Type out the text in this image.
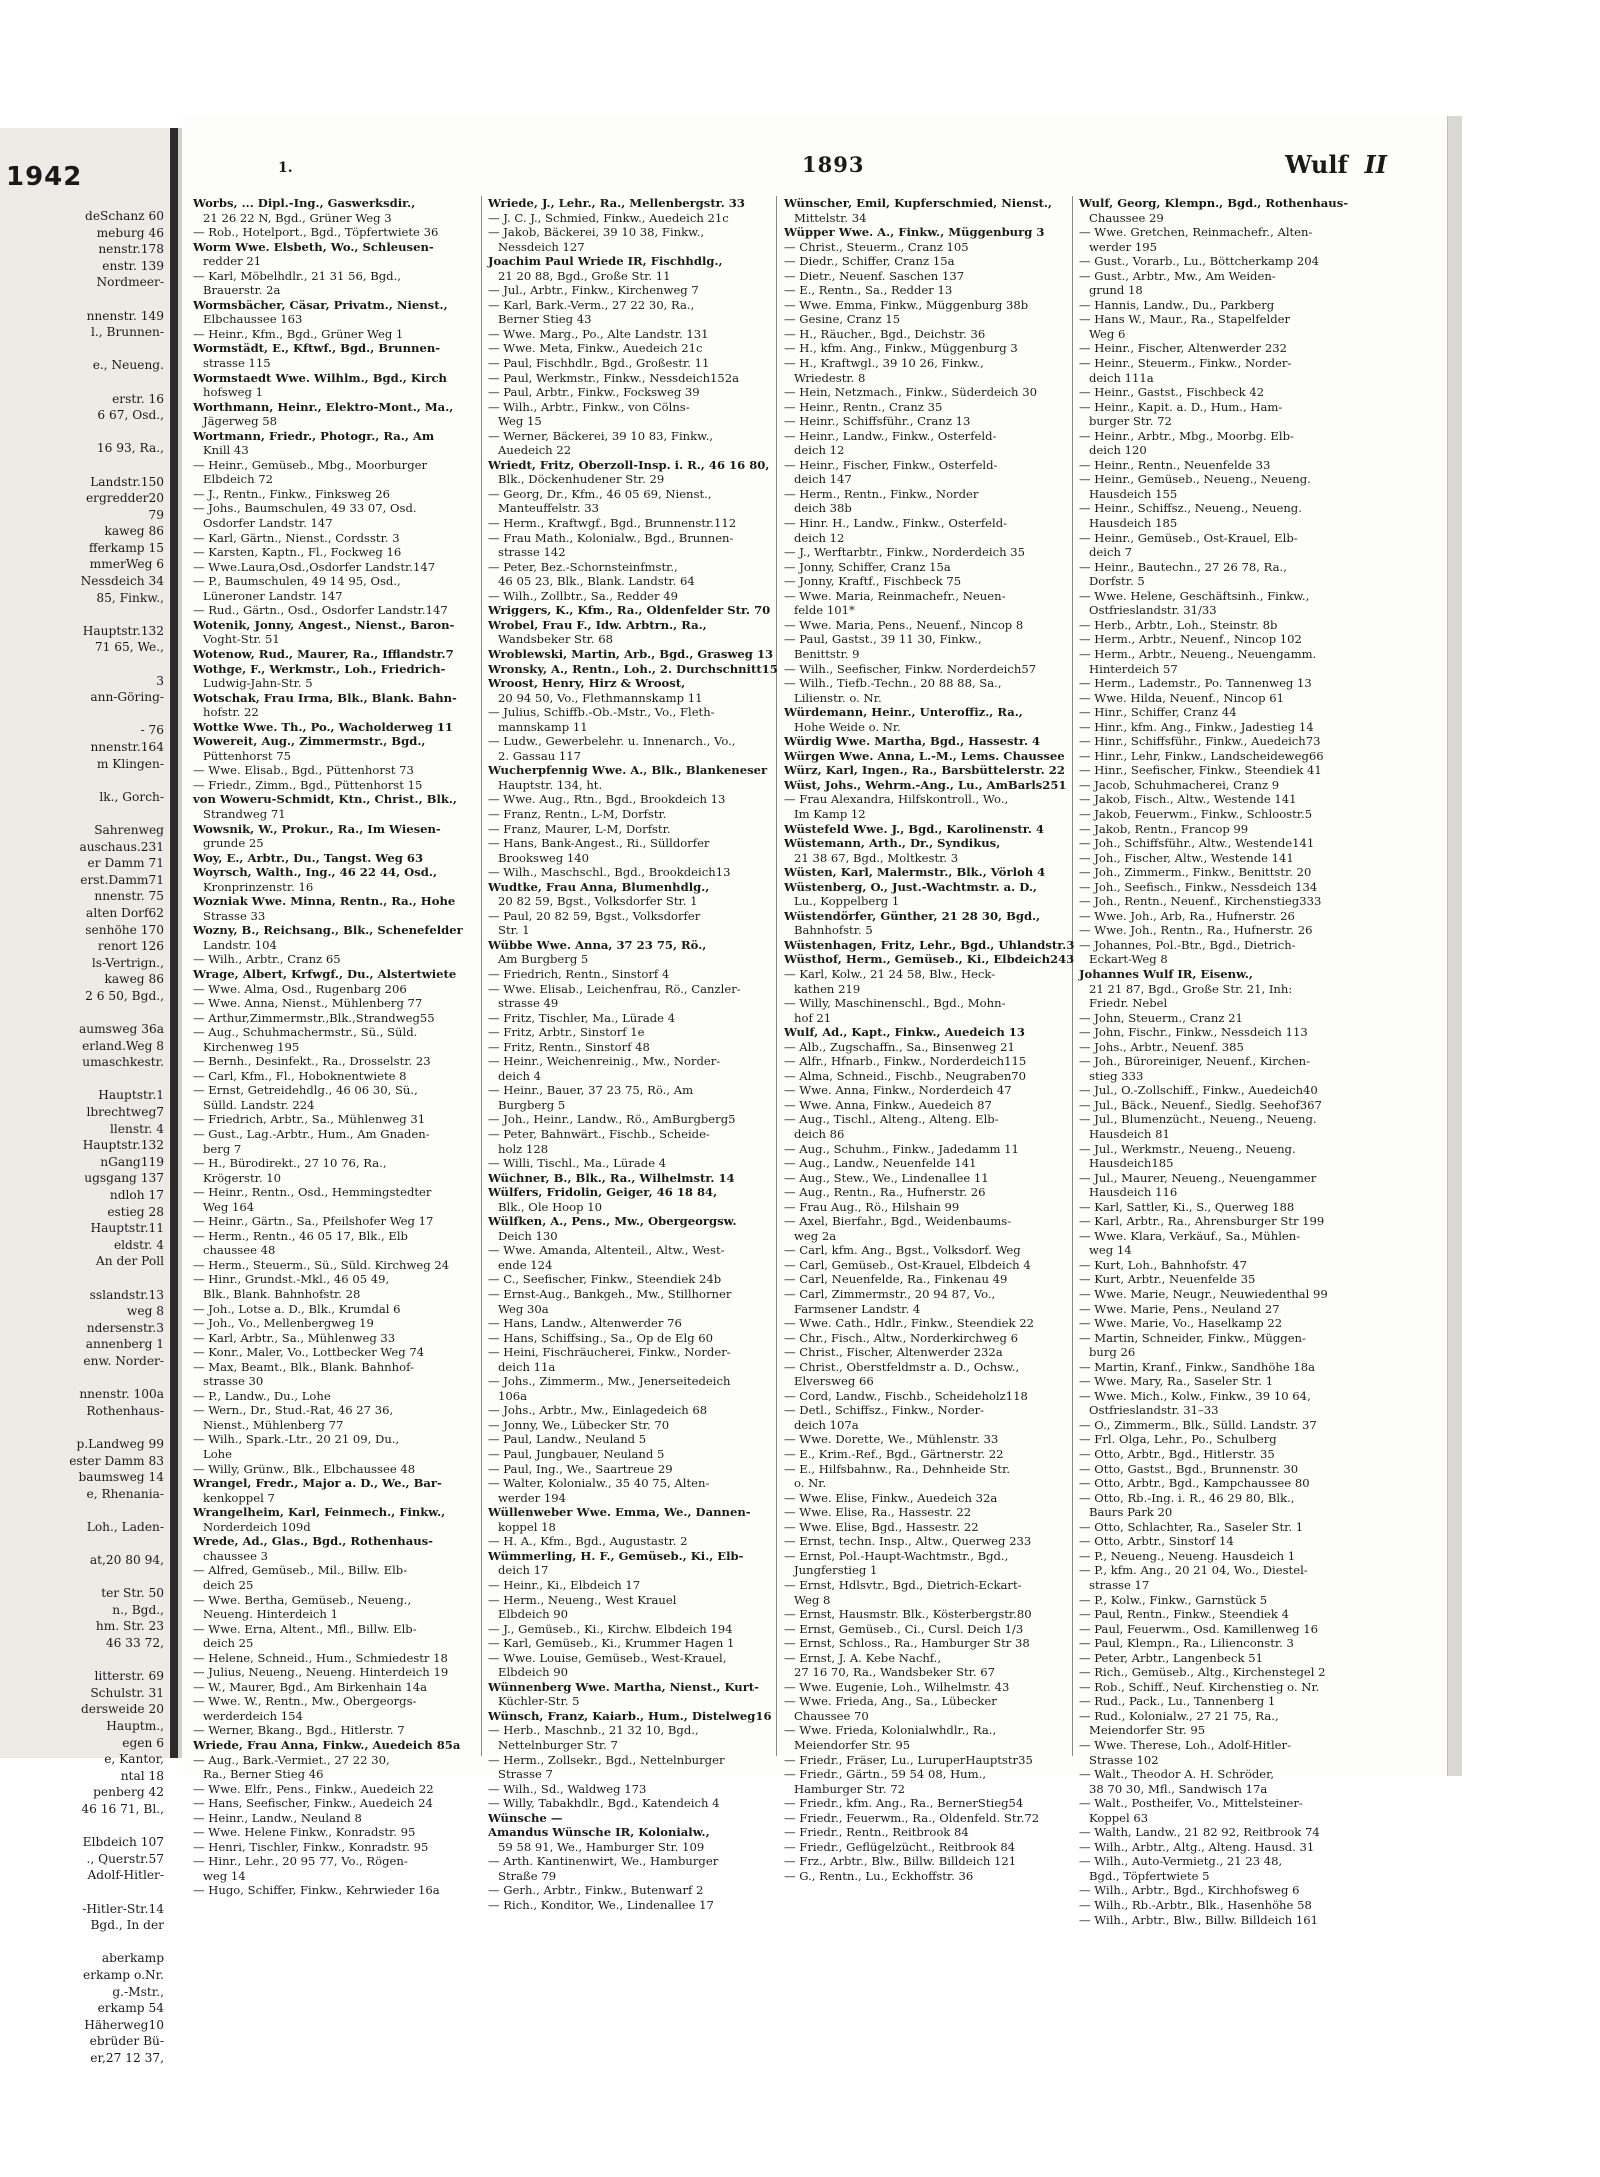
1942
deSchanz 60
meburg 46
nenstr.178
enstr. 139
Nordmeer-

nnenstr. 149
l., Brunnen-

e., Neueng.

erstr. 16
6 67, Osd.,

16 93, Ra.,

Landstr.150
ergredder20
79
kaweg 86
fferkamp 15
mmerWeg 6
Nessdeich 34
85, Finkw.,

Hauptstr.132
71 65, We.,

3
ann-Göring-

- 76
nnenstr.164
m Klingen-

lk., Gorch-

Sahrenweg
auschaus.231
er Damm 71
erst.Damm71
nnenstr. 75
alten Dorf62
senhöhe 170
renort 126
ls-Vertrign.,
kaweg 86
2 6 50, Bgd.,

aumsweg 36a
erland.Weg 8
umaschkestr.

Hauptstr.1
lbrechtweg7
llenstr. 4
Hauptstr.132
nGang119
ugsgang 137
ndloh 17
estieg 28
Hauptstr.11
eldstr. 4
An der Poll

sslandstr.13
weg 8
ndersenstr.3
annenberg 1
enw. Norder-

nnenstr. 100a
Rothenhaus-

p.Landweg 99
ester Damm 83
baumsweg 14
e, Rhenania-

Loh., Laden-

at,20 80 94,

ter Str. 50
n., Bgd.,
hm. Str. 23
46 33 72,

litterstr. 69
Schulstr. 31
dersweide 20
Hauptm.,
egen 6
e, Kantor,
ntal 18
penberg 42
46 16 71, Bl.,

Elbdeich 107
., Querstr.57
Adolf-Hitler-

-Hitler-Str.14
Bgd., In der

aberkamp
erkamp o.Nr.
g.-Mstr.,
erkamp 54
Häherweg10
ebrüder Bü-
er,27 12 37,
1.	1893	Wulf II
Worbs, ... Dipl.-Ing., Gaswerksdir.,
21 26 22 N, Bgd., Grüner Weg 3
— Rob., Hotelport., Bgd., Töpfertwiete 36
Worm Wwe. Elsbeth, Wo., Schleusen-
redder 21
— Karl, Möbelhdlr., 21 31 56, Bgd.,
Brauerstr. 2a
Wormsbächer, Cäsar, Privatm., Nienst.,
Elbchaussee 163
— Heinr., Kfm., Bgd., Grüner Weg 1
Wormstädt, E., Kftwf., Bgd., Brunnen-
strasse 115
Wormstaedt Wwe. Wilhlm., Bgd., Kirch
hofsweg 1
Worthmann, Heinr., Elektro-Mont., Ma.,
Jägerweg 58
Wortmann, Friedr., Photogr., Ra., Am
Knill 43
— Heinr., Gemüseb., Mbg., Moorburger
Elbdeich 72
— J., Rentn., Finkw., Finksweg 26
— Johs., Baumschulen, 49 33 07, Osd.
Osdorfer Landstr. 147
— Karl, Gärtn., Nienst., Cordsstr. 3
— Karsten, Kaptn., Fl., Fockweg 16
— Wwe.Laura,Osd.,Osdorfer Landstr.147
— P., Baumschulen, 49 14 95, Osd.,
Lüneroner Landstr. 147
— Rud., Gärtn., Osd., Osdorfer Landstr.147
Wotenik, Jonny, Angest., Nienst., Baron-
Voght-Str. 51
Wotenow, Rud., Maurer, Ra., Ifflandstr.7
Wothge, F., Werkmstr., Loh., Friedrich-
Ludwig-Jahn-Str. 5
Wotschak, Frau Irma, Blk., Blank. Bahn-
hofstr. 22
Wottke Wwe. Th., Po., Wacholderweg 11
Wowereit, Aug., Zimmermstr., Bgd.,
Püttenhorst 75
— Wwe. Elisab., Bgd., Püttenhorst 73
— Friedr., Zimm., Bgd., Püttenhorst 15
von Woweru-Schmidt, Ktn., Christ., Blk.,
Strandweg 71
Wowsnik, W., Prokur., Ra., Im Wiesen-
grunde 25
Woy, E., Arbtr., Du., Tangst. Weg 63
Woyrsch, Walth., Ing., 46 22 44, Osd.,
Kronprinzenstr. 16
Wozniak Wwe. Minna, Rentn., Ra., Hohe
Strasse 33
Wozny, B., Reichsang., Blk., Schenefelder
Landstr. 104
— Wilh., Arbtr., Cranz 65
Wrage, Albert, Krfwgf., Du., Alstertwiete
— Wwe. Alma, Osd., Rugenbarg 206
— Wwe. Anna, Nienst., Mühlenberg 77
— Arthur,Zimmermstr.,Blk.,Strandweg55
— Aug., Schuhmachermstr., Sü., Süld.
Kirchenweg 195
— Bernh., Desinfekt., Ra., Drosselstr. 23
— Carl, Kfm., Fl., Hoboknentwiete 8
— Ernst, Getreidehdlg., 46 06 30, Sü.,
Sülld. Landstr. 224
— Friedrich, Arbtr., Sa., Mühlenweg 31
— Gust., Lag.-Arbtr., Hum., Am Gnaden-
berg 7
— H., Bürodirekt., 27 10 76, Ra.,
Krögerstr. 10
— Heinr., Rentn., Osd., Hemmingstedter
Weg 164
— Heinr., Gärtn., Sa., Pfeilshofer Weg 17
— Herm., Rentn., 46 05 17, Blk., Elb
chaussee 48
— Herm., Steuerm., Sü., Süld. Kirchweg 24
— Hinr., Grundst.-Mkl., 46 05 49,
Blk., Blank. Bahnhofstr. 28
— Joh., Lotse a. D., Blk., Krumdal 6
— Joh., Vo., Mellenbergweg 19
— Karl, Arbtr., Sa., Mühlenweg 33
— Konr., Maler, Vo., Lottbecker Weg 74
— Max, Beamt., Blk., Blank. Bahnhof-
strasse 30
— P., Landw., Du., Lohe
— Wern., Dr., Stud.-Rat, 46 27 36,
Nienst., Mühlenberg 77
— Wilh., Spark.-Ltr., 20 21 09, Du.,
Lohe
— Willy, Grünw., Blk., Elbchaussee 48
Wrangel, Fredr., Major a. D., We., Bar-
kenkoppel 7
Wrangelheim, Karl, Feinmech., Finkw.,
Norderdeich 109d
Wrede, Ad., Glas., Bgd., Rothenhaus-
chaussee 3
— Alfred, Gemüseb., Mil., Billw. Elb-
deich 25
— Wwe. Bertha, Gemüseb., Neueng.,
Neueng. Hinterdeich 1
— Wwe. Erna, Altent., Mfl., Billw. Elb-
deich 25
— Helene, Schneid., Hum., Schmiedestr 18
— Julius, Neueng., Neueng. Hinterdeich 19
— W., Maurer, Bgd., Am Birkenhain 14a
— Wwe. W., Rentn., Mw., Obergeorgs-
werderdeich 154
— Werner, Bkang., Bgd., Hitlerstr. 7
Wriede, Frau Anna, Finkw., Auedeich 85a
— Aug., Bark.-Vermiet., 27 22 30,
Ra., Berner Stieg 46
— Wwe. Elfr., Pens., Finkw., Auedeich 22
— Hans, Seefischer, Finkw., Auedeich 24
— Heinr., Landw., Neuland 8
— Wwe. Helene Finkw., Konradstr. 95
— Henri, Tischler, Finkw., Konradstr. 95
— Hinr., Lehr., 20 95 77, Vo., Rögen-
weg 14
— Hugo, Schiffer, Finkw., Kehrwieder 16a
Wriede, J., Lehr., Ra., Mellenbergstr. 33
— J. C. J., Schmied, Finkw., Auedeich 21c
— Jakob, Bäckerei, 39 10 38, Finkw.,
Nessdeich 127
Joachim Paul Wriede IR, Fischhdlg.,
21 20 88, Bgd., Große Str. 11
— Jul., Arbtr., Finkw., Kirchenweg 7
— Karl, Bark.-Verm., 27 22 30, Ra.,
Berner Stieg 43
— Wwe. Marg., Po., Alte Landstr. 131
— Wwe. Meta, Finkw., Auedeich 21c
— Paul, Fischhdlr., Bgd., Großestr. 11
— Paul, Werkmstr., Finkw., Nessdeich152a
— Paul, Arbtr., Finkw., Focksweg 39
— Wilh., Arbtr., Finkw., von Cölns-
Weg 15
— Werner, Bäckerei, 39 10 83, Finkw.,
Auedeich 22
Wriedt, Fritz, Oberzoll-Insp. i. R., 46 16 80,
Blk., Döckenhudener Str. 29
— Georg, Dr., Kfm., 46 05 69, Nienst.,
Manteuffelstr. 33
— Herm., Kraftwgf., Bgd., Brunnenstr.112
— Frau Math., Kolonialw., Bgd., Brunnen-
strasse 142
— Peter, Bez.-Schornsteinfmstr.,
46 05 23, Blk., Blank. Landstr. 64
— Wilh., Zollbtr., Sa., Redder 49
Wriggers, K., Kfm., Ra., Oldenfelder Str. 70
Wrobel, Frau F., Idw. Arbtrn., Ra.,
Wandsbeker Str. 68
Wroblewski, Martin, Arb., Bgd., Grasweg 13
Wronsky, A., Rentn., Loh., 2. Durchschnitt15
Wroost, Henry, Hirz & Wroost,
20 94 50, Vo., Flethmannskamp 11
— Julius, Schiffb.-Ob.-Mstr., Vo., Fleth-
mannskamp 11
— Ludw., Gewerbelehr. u. Innenarch., Vo.,
2. Gassau 117
Wucherpfennig Wwe. A., Blk., Blankeneser
Hauptstr. 134, ht.
— Wwe. Aug., Rtn., Bgd., Brookdeich 13
— Franz, Rentn., L-M, Dorfstr.
— Franz, Maurer, L-M, Dorfstr.
— Hans, Bank-Angest., Ri., Sülldorfer
Brooksweg 140
— Wilh., Maschschl., Bgd., Brookdeich13
Wudtke, Frau Anna, Blumenhdlg.,
20 82 59, Bgst., Volksdorfer Str. 1
— Paul, 20 82 59, Bgst., Volksdorfer
Str. 1
Wübbe Wwe. Anna, 37 23 75, Rö.,
Am Burgberg 5
— Friedrich, Rentn., Sinstorf 4
— Wwe. Elisab., Leichenfrau, Rö., Canzler-
strasse 49
— Fritz, Tischler, Ma., Lürade 4
— Fritz, Arbtr., Sinstorf 1e
— Fritz, Rentn., Sinstorf 48
— Heinr., Weichenreinig., Mw., Norder-
deich 4
— Heinr., Bauer, 37 23 75, Rö., Am
Burgberg 5
— Joh., Heinr., Landw., Rö., AmBurgberg5
— Peter, Bahnwärt., Fischb., Scheide-
holz 128
— Willi, Tischl., Ma., Lürade 4
Wüchner, B., Blk., Ra., Wilhelmstr. 14
Wülfers, Fridolin, Geiger, 46 18 84,
Blk., Ole Hoop 10
Wülfken, A., Pens., Mw., Obergeorgsw.
Deich 130
— Wwe. Amanda, Altenteil., Altw., West-
ende 124
— C., Seefischer, Finkw., Steendiek 24b
— Ernst-Aug., Bankgeh., Mw., Stillhorner
Weg 30a
— Hans, Landw., Altenwerder 76
— Hans, Schiffsing., Sa., Op de Elg 60
— Heini, Fischräucherei, Finkw., Norder-
deich 11a
— Johs., Zimmerm., Mw., Jenerseitedeich
106a
— Johs., Arbtr., Mw., Einlagedeich 68
— Jonny, We., Lübecker Str. 70
— Paul, Landw., Neuland 5
— Paul, Jungbauer, Neuland 5
— Paul, Ing., We., Saartreue 29
— Walter, Kolonialw., 35 40 75, Alten-
werder 194
Wüllenweber Wwe. Emma, We., Dannen-
koppel 18
— H. A., Kfm., Bgd., Augustastr. 2
Wümmerling, H. F., Gemüseb., Ki., Elb-
deich 17
— Heinr., Ki., Elbdeich 17
— Herm., Neueng., West Krauel
Elbdeich 90
— J., Gemüseb., Ki., Kirchw. Elbdeich 194
— Karl, Gemüseb., Ki., Krummer Hagen 1
— Wwe. Louise, Gemüseb., West-Krauel,
Elbdeich 90
Wünnenberg Wwe. Martha, Nienst., Kurt-
Küchler-Str. 5
Wünsch, Franz, Kaiarb., Hum., Distelweg16
— Herb., Maschnb., 21 32 10, Bgd.,
Nettelnburger Str. 7
— Herm., Zollsekr., Bgd., Nettelnburger
Strasse 7
— Wilh., Sd., Waldweg 173
— Willy, Tabakhdlr., Bgd., Katendeich 4
Wünsche —
Amandus Wünsche IR, Kolonialw.,
59 58 91, We., Hamburger Str. 109
— Arth. Kantinenwirt, We., Hamburger
Straße 79
— Gerh., Arbtr., Finkw., Butenwarf 2
— Rich., Konditor, We., Lindenallee 17
Wünscher, Emil, Kupferschmied, Nienst.,
Mittelstr. 34
Wüpper Wwe. A., Finkw., Müggenburg 3
— Christ., Steuerm., Cranz 105
— Diedr., Schiffer, Cranz 15a
— Dietr., Neuenf. Saschen 137
— E., Rentn., Sa., Redder 13
— Wwe. Emma, Finkw., Müggenburg 38b
— Gesine, Cranz 15
— H., Räucher., Bgd., Deichstr. 36
— H., kfm. Ang., Finkw., Müggenburg 3
— H., Kraftwgl., 39 10 26, Finkw.,
Wriedestr. 8
— Hein, Netzmach., Finkw., Süderdeich 30
— Heinr., Rentn., Cranz 35
— Heinr., Schiffsführ., Cranz 13
— Heinr., Landw., Finkw., Osterfeld-
deich 12
— Heinr., Fischer, Finkw., Osterfeld-
deich 147
— Herm., Rentn., Finkw., Norder
deich 38b
— Hinr. H., Landw., Finkw., Osterfeld-
deich 12
— J., Werftarbtr., Finkw., Norderdeich 35
— Jonny, Schiffer, Cranz 15a
— Jonny, Kraftf., Fischbeck 75
— Wwe. Maria, Reinmachefr., Neuen-
felde 101*
— Wwe. Maria, Pens., Neuenf., Nincop 8
— Paul, Gastst., 39 11 30, Finkw.,
Benittstr. 9
— Wilh., Seefischer, Finkw. Norderdeich57
— Wilh., Tiefb.-Techn., 20 88 88, Sa.,
Lilienstr. o. Nr.
Würdemann, Heinr., Unteroffiz., Ra.,
Hohe Weide o. Nr.
Würdig Wwe. Martha, Bgd., Hassestr. 4
Würgen Wwe. Anna, L.-M., Lems. Chaussee
Würz, Karl, Ingen., Ra., Barsbüttelerstr. 22
Wüst, Johs., Wehrm.-Ang., Lu., AmBarls251
— Frau Alexandra, Hilfskontroll., Wo.,
Im Kamp 12
Wüstefeld Wwe. J., Bgd., Karolinenstr. 4
Wüstemann, Arth., Dr., Syndikus,
21 38 67, Bgd., Moltkestr. 3
Wüsten, Karl, Malermstr., Blk., Vörloh 4
Wüstenberg, O., Just.-Wachtmstr. a. D.,
Lu., Koppelberg 1
Wüstendörfer, Günther, 21 28 30, Bgd.,
Bahnhofstr. 5
Wüstenhagen, Fritz, Lehr., Bgd., Uhlandstr.3
Wüsthof, Herm., Gemüseb., Ki., Elbdeich243
— Karl, Kolw., 21 24 58, Blw., Heck-
kathen 219
— Willy, Maschinenschl., Bgd., Mohn-
hof 21
Wulf, Ad., Kapt., Finkw., Auedeich 13
— Alb., Zugschaffn., Sa., Binsenweg 21
— Alfr., Hfnarb., Finkw., Norderdeich115
— Alma, Schneid., Fischb., Neugraben70
— Wwe. Anna, Finkw., Norderdeich 47
— Wwe. Anna, Finkw., Auedeich 87
— Aug., Tischl., Alteng., Alteng. Elb-
deich 86
— Aug., Schuhm., Finkw., Jadedamm 11
— Aug., Landw., Neuenfelde 141
— Aug., Stew., We., Lindenallee 11
— Aug., Rentn., Ra., Hufnerstr. 26
— Frau Aug., Rö., Hilshain 99
— Axel, Bierfahr., Bgd., Weidenbaums-
weg 2a
— Carl, kfm. Ang., Bgst., Volksdorf. Weg
— Carl, Gemüseb., Ost-Krauel, Elbdeich 4
— Carl, Neuenfelde, Ra., Finkenau 49
— Carl, Zimmermstr., 20 94 87, Vo.,
Farmsener Landstr. 4
— Wwe. Cath., Hdlr., Finkw., Steendiek 22
— Chr., Fisch., Altw., Norderkirchweg 6
— Christ., Fischer, Altenwerder 232a
— Christ., Oberstfeldmstr a. D., Ochsw.,
Elversweg 66
— Cord, Landw., Fischb., Scheideholz118
— Detl., Schiffsz., Finkw., Norder-
deich 107a
— Wwe. Dorette, We., Mühlenstr. 33
— E., Krim.-Ref., Bgd., Gärtnerstr. 22
— E., Hilfsbahnw., Ra., Dehnheide Str.
o. Nr.
— Wwe. Elise, Finkw., Auedeich 32a
— Wwe. Elise, Ra., Hassestr. 22
— Wwe. Elise, Bgd., Hassestr. 22
— Ernst, techn. Insp., Altw., Querweg 233
— Ernst, Pol.-Haupt-Wachtmstr., Bgd.,
Jungferstieg 1
— Ernst, Hdlsvtr., Bgd., Dietrich-Eckart-
Weg 8
— Ernst, Hausmstr. Blk., Kösterbergstr.80
— Ernst, Gemüseb., Ci., Cursl. Deich 1/3
— Ernst, Schloss., Ra., Hamburger Str 38
— Ernst, J. A. Kebe Nachf.,
27 16 70, Ra., Wandsbeker Str. 67
— Wwe. Eugenie, Loh., Wilhelmstr. 43
— Wwe. Frieda, Ang., Sa., Lübecker
Chaussee 70
— Wwe. Frieda, Kolonialwhdlr., Ra.,
Meiendorfer Str. 95
— Friedr., Fräser, Lu., LuruperHauptstr35
— Friedr., Gärtn., 59 54 08, Hum.,
Hamburger Str. 72
— Friedr., kfm. Ang., Ra., BernerStieg54
— Friedr., Feuerwm., Ra., Oldenfeld. Str.72
— Friedr., Rentn., Reitbrook 84
— Friedr., Geflügelzücht., Reitbrook 84
— Frz., Arbtr., Blw., Billw. Billdeich 121
— G., Rentn., Lu., Eckhoffstr. 36
Wulf, Georg, Klempn., Bgd., Rothenhaus-
Chaussee 29
— Wwe. Gretchen, Reinmachefr., Alten-
werder 195
— Gust., Vorarb., Lu., Böttcherkamp 204
— Gust., Arbtr., Mw., Am Weiden-
grund 18
— Hannis, Landw., Du., Parkberg
— Hans W., Maur., Ra., Stapelfelder
Weg 6
— Heinr., Fischer, Altenwerder 232
— Heinr., Steuerm., Finkw., Norder-
deich 111a
— Heinr., Gastst., Fischbeck 42
— Heinr., Kapit. a. D., Hum., Ham-
burger Str. 72
— Heinr., Arbtr., Mbg., Moorbg. Elb-
deich 120
— Heinr., Rentn., Neuenfelde 33
— Heinr., Gemüseb., Neueng., Neueng.
Hausdeich 155
— Heinr., Schiffsz., Neueng., Neueng.
Hausdeich 185
— Heinr., Gemüseb., Ost-Krauel, Elb-
deich 7
— Heinr., Bautechn., 27 26 78, Ra.,
Dorfstr. 5
— Wwe. Helene, Geschäftsinh., Finkw.,
Ostfrieslandstr. 31/33
— Herb., Arbtr., Loh., Steinstr. 8b
— Herm., Arbtr., Neuenf., Nincop 102
— Herm., Arbtr., Neueng., Neuengamm.
Hinterdeich 57
— Herm., Lademstr., Po. Tannenweg 13
— Wwe. Hilda, Neuenf., Nincop 61
— Hinr., Schiffer, Cranz 44
— Hinr., kfm. Ang., Finkw., Jadestieg 14
— Hinr., Schiffsführ., Finkw., Auedeich73
— Hinr., Lehr, Finkw., Landscheideweg66
— Hinr., Seefischer, Finkw., Steendiek 41
— Jacob, Schuhmacherei, Cranz 9
— Jakob, Fisch., Altw., Westende 141
— Jakob, Feuerwm., Finkw., Schloostr.5
— Jakob, Rentn., Francop 99
— Joh., Schiffsführ., Altw., Westende141
— Joh., Fischer, Altw., Westende 141
— Joh., Zimmerm., Finkw., Benittstr. 20
— Joh., Seefisch., Finkw., Nessdeich 134
— Joh., Rentn., Neuenf., Kirchenstieg333
— Wwe. Joh., Arb, Ra., Hufnerstr. 26
— Wwe. Joh., Rentn., Ra., Hufnerstr. 26
— Johannes, Pol.-Btr., Bgd., Dietrich-
Eckart-Weg 8
Johannes Wulf IR, Eisenw.,
21 21 87, Bgd., Große Str. 21, Inh:
Friedr. Nebel
— John, Steuerm., Cranz 21
— John, Fischr., Finkw., Nessdeich 113
— Johs., Arbtr., Neuenf. 385
— Joh., Büroreiniger, Neuenf., Kirchen-
stieg 333
— Jul., O.-Zollschiff., Finkw., Auedeich40
— Jul., Bäck., Neuenf., Siedlg. Seehof367
— Jul., Blumenzücht., Neueng., Neueng.
Hausdeich 81
— Jul., Werkmstr., Neueng., Neueng.
Hausdeich185
— Jul., Maurer, Neueng., Neuengammer
Hausdeich 116
— Karl, Sattler, Ki., S., Querweg 188
— Karl, Arbtr., Ra., Ahrensburger Str 199
— Wwe. Klara, Verkäuf., Sa., Mühlen-
weg 14
— Kurt, Loh., Bahnhofstr. 47
— Kurt, Arbtr., Neuenfelde 35
— Wwe. Marie, Neugr., Neuwiedenthal 99
— Wwe. Marie, Pens., Neuland 27
— Wwe. Marie, Vo., Haselkamp 22
— Martin, Schneider, Finkw., Müggen-
burg 26
— Martin, Kranf., Finkw., Sandhöhe 18a
— Wwe. Mary, Ra., Saseler Str. 1
— Wwe. Mich., Kolw., Finkw., 39 10 64,
Ostfrieslandstr. 31–33
— O., Zimmerm., Blk., Sülld. Landstr. 37
— Frl. Olga, Lehr., Po., Schulberg
— Otto, Arbtr., Bgd., Hitlerstr. 35
— Otto, Gastst., Bgd., Brunnenstr. 30
— Otto, Arbtr., Bgd., Kampchaussee 80
— Otto, Rb.-Ing. i. R., 46 29 80, Blk.,
Baurs Park 20
— Otto, Schlachter, Ra., Saseler Str. 1
— Otto, Arbtr., Sinstorf 14
— P., Neueng., Neueng. Hausdeich 1
— P., kfm. Ang., 20 21 04, Wo., Diestel-
strasse 17
— P., Kolw., Finkw., Garnstück 5
— Paul, Rentn., Finkw., Steendiek 4
— Paul, Feuerwm., Osd. Kamillenweg 16
— Paul, Klempn., Ra., Lilienconstr. 3
— Peter, Arbtr., Langenbeck 51
— Rich., Gemüseb., Altg., Kirchenstegel 2
— Rob., Schiff., Neuf. Kirchenstieg o. Nr.
— Rud., Pack., Lu., Tannenberg 1
— Rud., Kolonialw., 27 21 75, Ra.,
Meiendorfer Str. 95
— Wwe. Therese, Loh., Adolf-Hitler-
Strasse 102
— Walt., Theodor A. H. Schröder,
38 70 30, Mfl., Sandwisch 17a
— Walt., Postheifer, Vo., Mittelsteiner-
Koppel 63
— Walth, Landw., 21 82 92, Reitbrook 74
— Wilh., Arbtr., Altg., Alteng. Hausd. 31
— Wilh., Auto-Vermietg., 21 23 48,
Bgd., Töpfertwiete 5
— Wilh., Arbtr., Bgd., Kirchhofsweg 6
— Wilh., Rb.-Arbtr., Blk., Hasenhöhe 58
— Wilh., Arbtr., Blw., Billw. Billdeich 161
